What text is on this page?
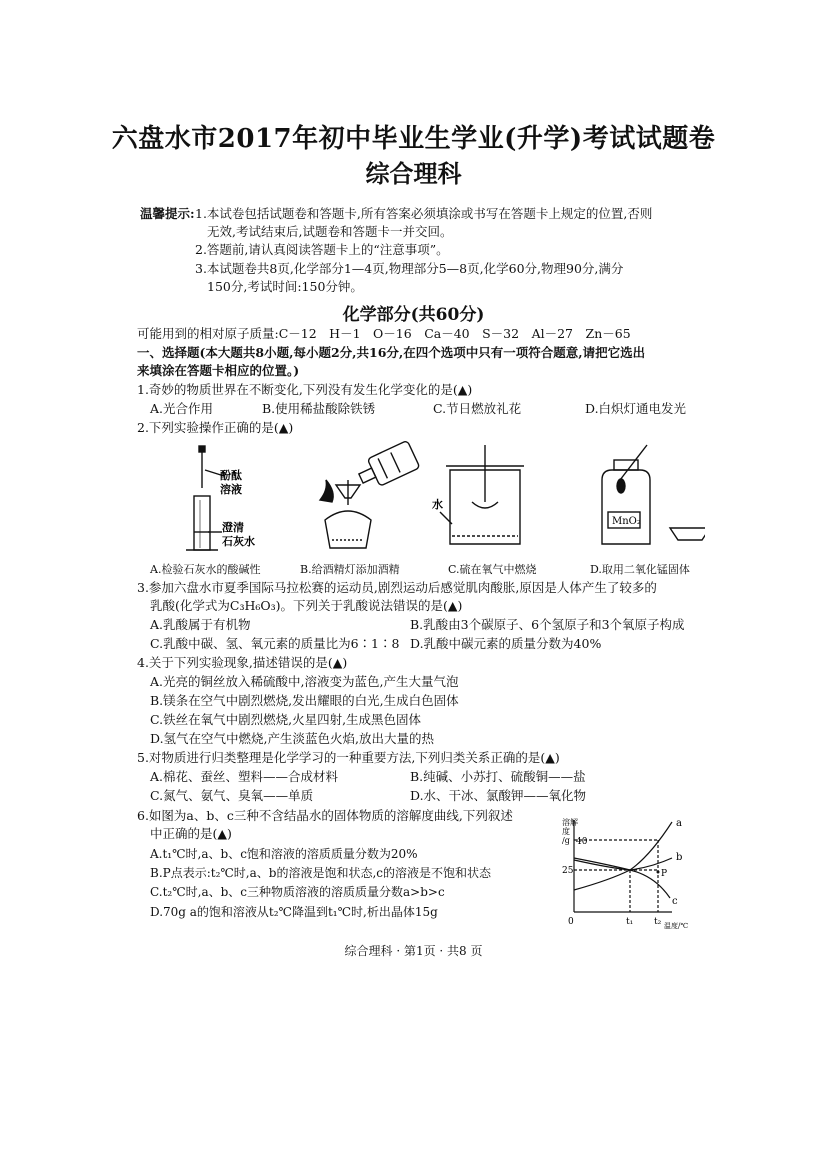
六盘水市2017年初中毕业生学业(升学)考试试题卷
综合理科
温馨提示: 1.本试卷包括试题卷和答题卡,所有答案必须填涂或书写在答题卡上规定的位置,否则
无效,考试结束后,试题卷和答题卡一并交回。
2.答题前,请认真阅读答题卡上的“注意事项”。
3.本试题卷共8页,化学部分1—4页,物理部分5—8页,化学60分,物理90分,满分
150分,考试时间:150分钟。
化学部分(共60分)
可能用到的相对原子质量:C－12　H－1　O－16　Ca－40　S－32　Al－27　Zn－65
一、选择题(本大题共8小题,每小题2分,共16分,在四个选项中只有一项符合题意,请把它选出
来填涂在答题卡相应的位置。)
1.奇妙的物质世界在不断变化,下列没有发生化学变化的是(▲)
A.光合作用	B.使用稀盐酸除铁锈	C.节日燃放礼花	D.白炽灯通电发光
2.下列实验操作正确的是(▲)
酚酞
溶液
澄清
石灰水
水
MnO₂
A.检验石灰水的酸碱性	B.给酒精灯添加酒精	C.硫在氧气中燃烧	D.取用二氧化锰固体
3.参加六盘水市夏季国际马拉松赛的运动员,剧烈运动后感觉肌肉酸胀,原因是人体产生了较多的
乳酸(化学式为C₃H₆O₃)。下列关于乳酸说法错误的是(▲)
A.乳酸属于有机物	B.乳酸由3个碳原子、6个氢原子和3个氧原子构成
C.乳酸中碳、氢、氧元素的质量比为6∶1∶8 D.乳酸中碳元素的质量分数为40%
4.关于下列实验现象,描述错误的是(▲)
A.光亮的铜丝放入稀硫酸中,溶液变为蓝色,产生大量气泡
B.镁条在空气中剧烈燃烧,发出耀眼的白光,生成白色固体
C.铁丝在氧气中剧烈燃烧,火星四射,生成黑色固体
D.氢气在空气中燃烧,产生淡蓝色火焰,放出大量的热
5.对物质进行归类整理是化学学习的一种重要方法,下列归类关系正确的是(▲)
A.棉花、蚕丝、塑料——合成材料	B.纯碱、小苏打、硫酸铜——盐
C.氮气、氨气、臭氧——单质	D.水、干冰、氯酸钾——氧化物
6.如图为a、b、c三种不含结晶水的固体物质的溶解度曲线,下列叙述
中正确的是(▲)
A.t₁℃时,a、b、c饱和溶液的溶质质量分数为20%
B.P点表示:t₂℃时,a、b的溶液是饱和状态,c的溶液是不饱和状态
C.t₂℃时,a、b、c三种物质溶液的溶质质量分数a>b>c
D.70g a的饱和溶液从t₂℃降温到t₁℃时,析出晶体15g
溶解
度
/g
25
40
0	t₁ t₂ 温度/℃
a
b
c
P
综合理科 · 第1页 · 共8 页
